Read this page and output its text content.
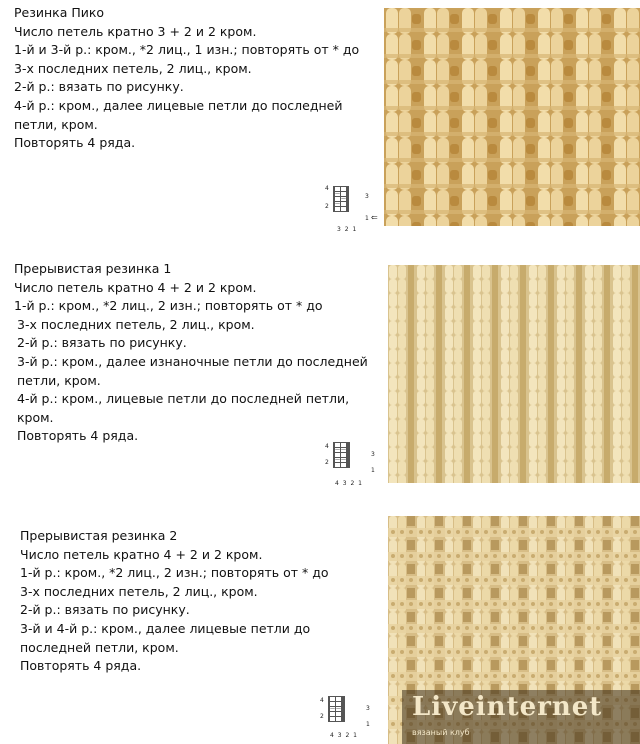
Резинка Пико
Число петель кратно 3 + 2 и 2 кром.
1-й и 3-й р.: кром., *2 лиц., 1 изн.; повторять от * до
3-х последних петель, 2 лиц., кром.
2-й р.: вязать по рисунку.
4-й р.: кром., далее лицевые петли до последней
петли, кром.
Повторять 4 ряда.
4
2

	—			
		—		
	—			

3
1 ⇐
3 2 1
Прерывистая резинка 1
Число петель кратно 4 + 2 и 2 кром.
1-й р.: кром., *2 лиц., 2 изн.; повторять от * до
3-х последних петель, 2 лиц., кром.
2-й р.: вязать по рисунку.
3-й р.: кром., далее изнаночные петли до последней
петли, кром.
4-й р.: кром., лицевые петли до последней петли,
кром.
Повторять 4 ряда.
4
2

	—	—			

	—	—			

3
1
4 3 2 1
Прерывистая резинка 2
Число петель кратно 4 + 2 и 2 кром.
1-й р.: кром., *2 лиц., 2 изн.; повторять от * до
3-х последних петель, 2 лиц., кром.
2-й р.: вязать по рисунку.
3-й и 4-й р.: кром., далее лицевые петли до
последней петли, кром.
Повторять 4 ряда.
4
2

	—	—			

						3
1
4 3 2 1
Liveinternet
вязаный клуб
